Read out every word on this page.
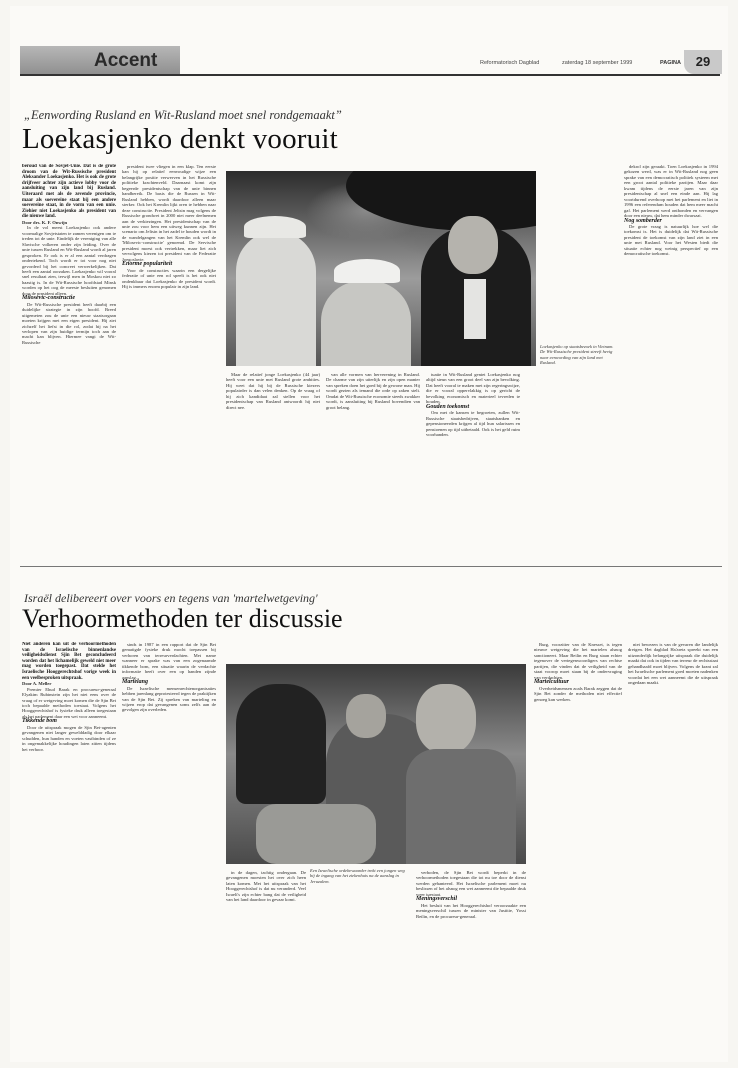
Accent	Reformatorisch Dagblad	zaterdag 18 september 1999	PAGINA	29
„Eenwording Rusland en Wit-Rusland moet snel rondgemaakt”
Loekasjenko denkt vooruit
beroud van de Sovjet-Unie. Dat is de grote droom van de Wit-Russische president Aleksander Loekasjenko. Het is ook de grote drijfveer achter zijn actieve lobby voor de aansluiting van zijn land bij Rusland. Uiteraard met als de zevende provincie, maar als soevereine staat bij een andere soevereine staat, in de vorm van een unie. Ziehier niet Loekasjenko als president van die nieuwe land.

Door drs. K. F. Onwijn

In de vol meest Loekasjenko ook andere voormalige Sovjetstaten te zamen verenigen om te treden tot de unie. Eindelijk de vereniging van alle Slavische volkeren onder zijn leiding. Over de unie tussen Rusland en Wit-Rusland wordt al jaren gesproken. Er ook is er al een aantal verdragen ondertekend. Toch wordt er tot voor nog niet gevorderd bij het concreet verwerkelijken. Dat heeft een aantal oorzaken. Loekasjenko wil vooral snel resultaat zien, terwijl men in Moskou niet zo haastig is. In de Wit-Russische hoofdstad Minsk worden op het oog de meeste besluiten genomen door de president alleen.

Milosevic-constructie

De Wit-Russische president heeft daarbij een duidelijke strategie in zijn hoofd. Breed uitgemeten zou de unie een nieuw staatsorgaan moeten krijgen met een eigen president. Hij ziet zichzelf het liefst in die rol, zodat hij na het verlopen van zijn huidige termijn toch aan de macht kan blijven. Hiermee vangt de Wit-Russische

president twee vliegen in een klap. Ten eerste kan hij op relatief eenvoudige wijze een belangrijke positie verwerven in het Russische politieke krachtenveld. Daarnaast komt zijn begeerde presidentschap van de unie binnen handbereik. De basis die de Russen in Wit-Rusland hebben, wordt daardoor alleen maar sterker. Ook het Kremlin lijkt oren te hebben naar deze constructie. President Jeltsin mag volgens de Russische grondwet in 2000 niet meer deelnemen aan de verkiezingen. Het presidentschap van de unie zou voor hem een uitweg kunnen zijn. Het scenario om Jeltsin in het zadel te houden wordt in de wandelgangen van het Kremlin ook wel de 'Milosevic-constructie' genoemd. De Servische president moest ook vertrekken, maar liet zich vervolgens kiezen tot president van de Federatie Joegoslavie.

Enorme populariteit

Voor de constructies waarin een dergelijke federatie of unie een rol speelt is het ook niet ondenkbaar dat Loekasjenko de president wordt. Hij is immers enorm populair in zijn land.

Maar de relatief jonge Loekasjenko (44 jaar) heeft voor een unie met Rusland grote ambities. Hij weet dat hij bij de Russische kiezers populairder is dan velen denken. Op de vraag of hij zich kandidaat zal stellen voor het presidentschap van Rusland antwoordt hij niet direct nee.

van alle vormen van herverening in Rusland. De charme van zijn uiterlijk en zijn open manier van spreken doen het goed bij de gewone man. Hij wordt gezien als iemand die orde op zaken stelt. Omdat de Wit-Russische economie steeds zwakker wordt, is aansluiting bij Rusland bovendien van groot belang.

tuatie in Wit-Rusland geniet Loekasjenko nog altijd steun van een groot deel van zijn bevolking. Dat heeft vooral te maken met zijn regeringswijze, die er vooral oppervlakkig is op gericht de bevolking economisch en materieel tevreden te houden.

Gouden toekomst

Om met de kansen te begroeten, zullen Wit-Russische staatsbedrijven, staatsbanken en gepensioneerden krijgen al tijd hun salarissen en pensioenen op tijd uitbetaald. Ook is het geld ruim voorhanden.

Loekasjenko op staatsbezoek in Vietnam. De Wit-Russische president streeft hevig naar eenwording van zijn land met Rusland.

dekrol zijn geraakt. Toen Loekasjenko in 1994 gekozen werd, was er in Wit-Rusland nog geen sprake van een democratisch politiek systeem met een groot aantal politieke partijen. Maar daar kwam tijdens de eerste jaren van zijn presidentschap al snel een einde aan. Hij lag voortdurend overhoop met het parlement en liet in 1996 een referendum houden dat hem meer macht gaf. Het parlement werd ontbonden en vervangen door een nieuw, dat hem minder dwarszat.

Nog somberder

De grote vraag is natuurlijk hoe wel die toekomst is. Het is duidelijk dat Wit-Russische president de toekomst van zijn land ziet in een unie met Rusland. Voor het Westen biedt die situatie echter nog weinig perspectief op een democratische toekomst.

Israël delibereert over voors en tegens van 'martelwetgeving'
Verhoormethoden ter discussie
Niet anderen kan uit de verhoormethoden van de Israelische binnenlandse veiligheidsdienst Sjin Bet geconcludeerd worden dat het lichamelijk geweld niet meer mag worden toegepast. Dat stelde het Israelische Hooggerechtshof vorige week in een veelbesproken uitspraak.

Door A. Meller

Premier Ehud Barak en procureur-generaal Elyakim Rubinstein zijn het niet eens over de vraag of er wetgeving moet komen die de Sjin Bet toch bepaalde methoden toestaat. Volgens het Hooggerechtshof is fysieke druk alleen toegestaan als het parlement daar een wet voor aanneemt.

Tikkende bom

Door de uitspraak mogen de Sjin Bet-agenten gevangenen niet langer gewelddadig door elkaar schudden, hun handen en voeten vastbinden of ze in ongemakkelijke houdingen laten zitten tijdens het verhoor.

sinds in 1987 in een rapport dat de Sjin Bet gematigde fysieke druk mocht toepassen bij verhoren van terreurverdachten. Met name wanneer er sprake was van een zogenaamde tikkende bom, een situatie waarin de verdachte informatie heeft over een op handen zijnde aanslag.

Martelang

De Israelische mensenrechtenorganisaties hebben jarenlang geprotesteerd tegen de praktijken van de Sjin Bet. Zij spreken van marteling en wijzen erop dat gevangenen soms zelfs aan de gevolgen zijn overleden.

in de dagen, tachtig ondergaan. De gevangenen moesten het over zich heen laten komen. Met het uitspraak van het Hooggerechtshof is dat nu veranderd. Veel Israeli's zijn echter bang dat de veiligheid van het land daardoor in gevaar komt.

Een Israelische ordebewaarder trekt een jongen weg bij de ingang van het ziekenhuis na de aanslag in Jeruzalem.

verboden, de Sjin Bet wordt beperkt in de verhoormethoden toegestaan die tot nu toe door de dienst werden gehanteerd. Het Israelische parlement moet nu beslissen of het alsnog een wet aanneemt die bepaalde druk weer toestaat.

Meningsverschil

Het besluit van het Hooggerechtshof veroorzaakte een meningsverschil tussen de minister van Justitie, Yossi Beilin, en de procureur-generaal.

Burg, voorzitter van de Knesset, is tegen nieuwe wetgeving die het martelen alsnog sanctioneert. Maar Beilin en Burg staan echter tegenover de vertegenwoordigers van rechtse partijen, die vinden dat de veiligheid van de staat voorop moet staan bij de ondervraging van verdachten.

Martelcultuur

Overheidsmensen zoals Barak zeggen dat de Sjin Bet zonder de methoden niet effectief genoeg kan werken.

niet bewezen is van de gevaren die landelijk dreigen. Het dagblad Ha'aretz spreekt van een uitzonderlijk belangrijke uitspraak die duidelijk maakt dat ook in tijden van terreur de rechtsstaat gehandhaafd moet blijven. Volgens de krant zal het Israelische parlement goed moeten nadenken voordat het een wet aanneemt die de uitspraak ongedaan maakt.
